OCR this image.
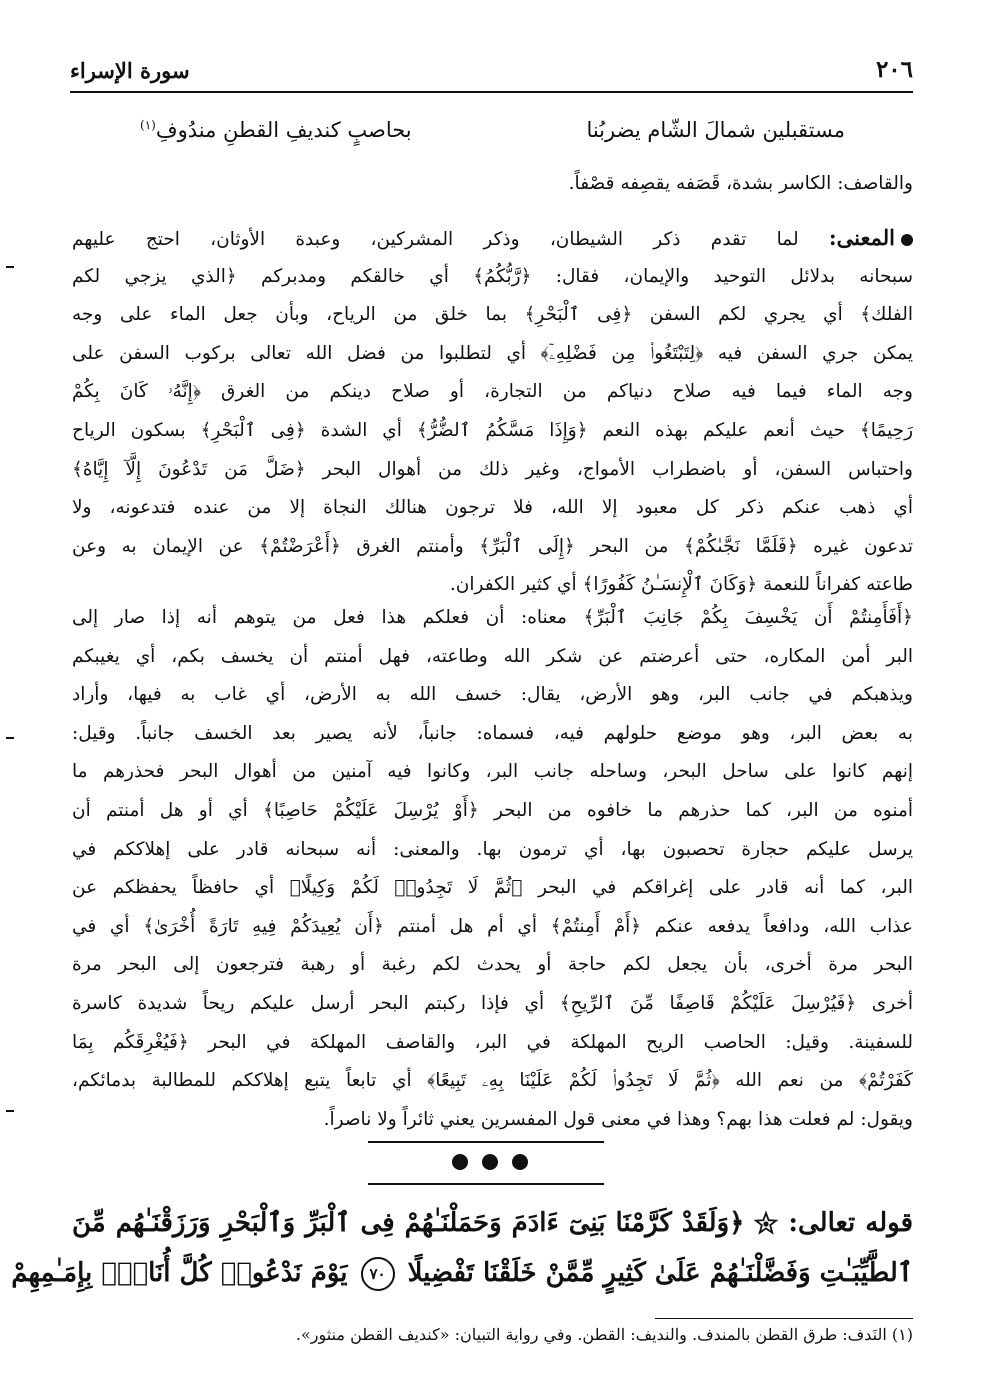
٢٠٦
سورة الإسراء
مستقبلين شمالَ الشّام يضربُنا
بحاصبٍ كنديفِ القطنِ مندُوفِ$^{(١)}$
والقاصف: الكاسر بشدة، قَصَفه يقصِفه قصْفاً.
المعنى: لما تقدم ذكر الشيطان، وذكر المشركين، وعبدة الأوثان، احتج عليهم
سبحانه بدلائل التوحيد والإيمان، فقال: ﴿رَّبُّكُمُ﴾ أي خالقكم ومدبركم ﴿الذي يزجي لكم
الفلك﴾ أي يجري لكم السفن ﴿فِى ٱلْبَحْرِ﴾ بما خلق من الرياح، وبأن جعل الماء على وجه
يمكن جري السفن فيه ﴿لِتَبْتَغُوا۟ مِن فَضْلِهِۦٓ﴾ أي لتطلبوا من فضل الله تعالى بركوب السفن على
وجه الماء فيما فيه صلاح دنياكم من التجارة، أو صلاح دينكم من الغرق ﴿إِنَّهُۥ كَانَ بِكُمْ
رَحِيمًا﴾ حيث أنعم عليكم بهذه النعم ﴿وَإِذَا مَسَّكُمُ ٱلضُّرُّ﴾ أي الشدة ﴿فِى ٱلْبَحْرِ﴾ بسكون الرياح
واحتباس السفن، أو باضطراب الأمواج، وغير ذلك من أهوال البحر ﴿ضَلَّ مَن تَدْعُونَ إِلَّآ إِيَّاهُ﴾
أي ذهب عنكم ذكر كل معبود إلا الله، فلا ترجون هنالك النجاة إلا من عنده فتدعونه، ولا
تدعون غيره ﴿فَلَمَّا نَجَّىٰكُمْ﴾ من البحر ﴿إِلَى ٱلْبَرِّ﴾ وأمنتم الغرق ﴿أَعْرَضْتُمْ﴾ عن الإيمان به وعن
طاعته كفراناً للنعمة ﴿وَكَانَ ٱلْإِنسَـٰنُ كَفُورًا﴾ أي كثير الكفران.
﴿أَفَأَمِنتُمْ أَن يَخْسِفَ بِكُمْ جَانِبَ ٱلْبَرِّ﴾ معناه: أن فعلكم هذا فعل من يتوهم أنه إذا صار إلى
البر أمن المكاره، حتى أعرضتم عن شكر الله وطاعته، فهل أمنتم أن يخسف بكم، أي يغيبكم
ويذهبكم في جانب البر، وهو الأرض، يقال: خسف الله به الأرض، أي غاب به فيها، وأراد
به بعض البر، وهو موضع حلولهم فيه، فسماه: جانباً، لأنه يصير بعد الخسف جانباً. وقيل:
إنهم كانوا على ساحل البحر، وساحله جانب البر، وكانوا فيه آمنين من أهوال البحر فحذرهم ما
أمنوه من البر، كما حذرهم ما خافوه من البحر ﴿أَوْ يُرْسِلَ عَلَيْكُمْ حَاصِبًا﴾ أي أو هل أمنتم أن
يرسل عليكم حجارة تحصبون بها، أي ترمون بها. والمعنى: أنه سبحانه قادر على إهلاككم في
البر، كما أنه قادر على إغراقكم في البحر ﴿ثُمَّ لَا تَجِدُوا۟ لَكُمْ وَكِيلًا﴾ أي حافظاً يحفظكم عن
عذاب الله، ودافعاً يدفعه عنكم ﴿أَمْ أَمِنتُمْ﴾ أي أم هل أمنتم ﴿أَن يُعِيدَكُمْ فِيهِ تَارَةً أُخْرَىٰ﴾ أي في
البحر مرة أخرى، بأن يجعل لكم حاجة أو يحدث لكم رغبة أو رهبة فترجعون إلى البحر مرة
أخرى ﴿فَيُرْسِلَ عَلَيْكُمْ قَاصِفًا مِّنَ ٱلرِّيحِ﴾ أي فإذا ركبتم البحر أرسل عليكم ريحاً شديدة كاسرة
للسفينة. وقيل: الحاصب الريح المهلكة في البر، والقاصف المهلكة في البحر ﴿فَيُغْرِقَكُم بِمَا
كَفَرْتُمْ﴾ من نعم الله ﴿ثُمَّ لَا تَجِدُوا۟ لَكُمْ عَلَيْنَا بِهِۦ تَبِيعًا﴾ أي تابعاً يتبع إهلاككم للمطالبة بدمائكم،
ويقول: لم فعلت هذا بهم؟ وهذا في معنى قول المفسرين يعني ثائراً ولا ناصراً.
قوله تعالى:  ﴿وَلَقَدْ كَرَّمْنَا بَنِىٓ ءَادَمَ وَحَمَلْنَـٰهُمْ فِى ٱلْبَرِّ وَٱلْبَحْرِ وَرَزَقْنَـٰهُم مِّنَ
ٱلطَّيِّبَـٰتِ وَفَضَّلْنَـٰهُمْ عَلَىٰ كَثِيرٍ مِّمَّنْ خَلَقْنَا تَفْضِيلًا ٧٠ يَوْمَ نَدْعُوا۟ كُلَّ أُنَاسٍۭ بِإِمَـٰمِهِمْ
(١) النَدف: طرق القطن بالمندف. والنديف: القطن. وفي رواية التبيان: «كنديف القطن منثور».
